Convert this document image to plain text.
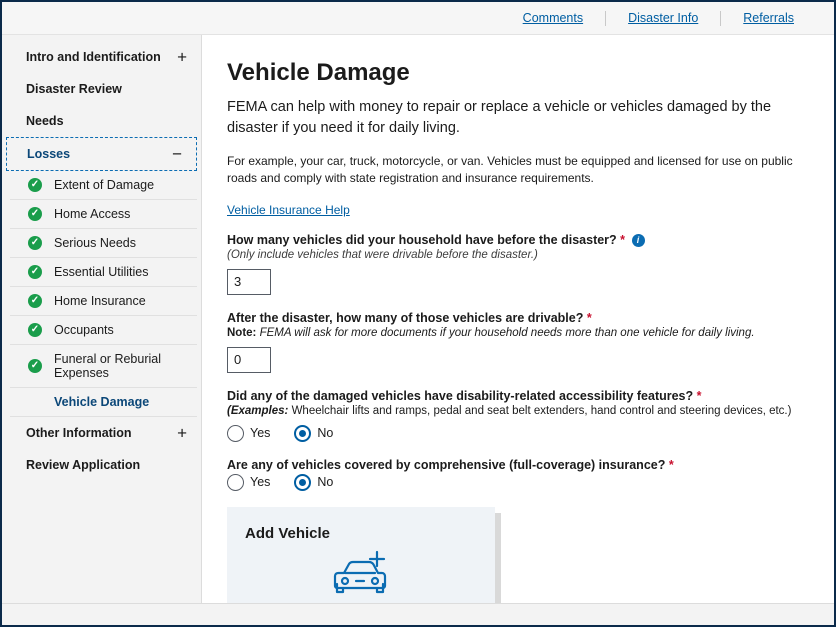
Comments	Disaster Info	Referrals
Intro and Identification +
Disaster Review
Needs
Losses	−
✓ Extent of Damage
✓ Home Access
✓ Serious Needs
✓ Essential Utilities
✓ Home Insurance
✓ Occupants
✓ Funeral or Reburial Expenses
Vehicle Damage
Other Information	+
Review Application
Vehicle Damage

FEMA can help with money to repair or replace a vehicle or vehicles damaged by the disaster if you need it for daily living.

For example, your car, truck, motorcycle, or van. Vehicles must be equipped and licensed for use on public roads and comply with state registration and insurance requirements.

Vehicle Insurance Help
How many vehicles did your household have before the disaster? * i
(Only include vehicles that were drivable before the disaster.)
3
After the disaster, how many of those vehicles are drivable? *
Note: FEMA will ask for more documents if your household needs more than one vehicle for daily living.
0
Did any of the damaged vehicles have disability-related accessibility features? *
(Examples: Wheelchair lifts and ramps, pedal and seat belt extenders, hand control and steering devices, etc.)
Yes	No
Are any of vehicles covered by comprehensive (full-coverage) insurance? *
Yes	No
Add Vehicle
